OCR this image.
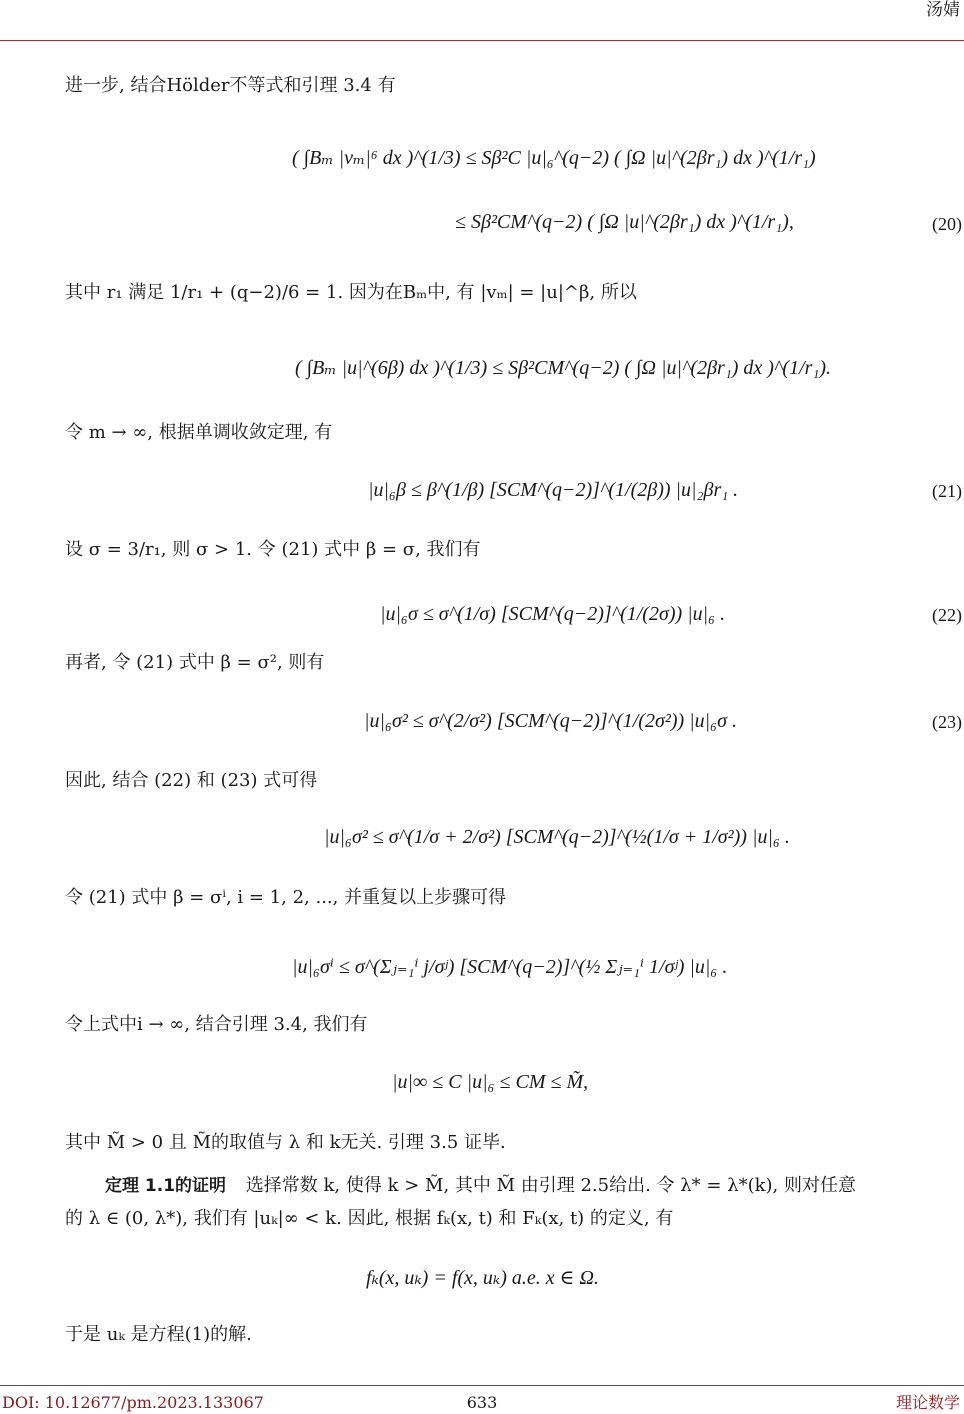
汤婧
进一步, 结合Hölder不等式和引理 3.4 有
( ∫Bₘ |vₘ|⁶ dx )^(1/3) ≤ Sβ²C |u|₆^(q−2) ( ∫Ω |u|^(2βr₁) dx )^(1/r₁)
≤ Sβ²CM^(q−2) ( ∫Ω |u|^(2βr₁) dx )^(1/r₁),	(20)
其中 r₁ 满足 1/r₁ + (q−2)/6 = 1. 因为在Bₘ中, 有 |vₘ| = |u|^β, 所以
( ∫Bₘ |u|^(6β) dx )^(1/3) ≤ Sβ²CM^(q−2) ( ∫Ω |u|^(2βr₁) dx )^(1/r₁).
令 m → ∞, 根据单调收敛定理, 有
|u|₆β ≤ β^(1/β) [SCM^(q−2)]^(1/(2β)) |u|₂βr₁ .	(21)
设 σ = 3/r₁, 则 σ > 1. 令 (21) 式中 β = σ, 我们有
|u|₆σ ≤ σ^(1/σ) [SCM^(q−2)]^(1/(2σ)) |u|₆ .	(22)
再者, 令 (21) 式中 β = σ², 则有
|u|₆σ² ≤ σ^(2/σ²) [SCM^(q−2)]^(1/(2σ²)) |u|₆σ .	(23)
因此, 结合 (22) 和 (23) 式可得
|u|₆σ² ≤ σ^(1/σ + 2/σ²) [SCM^(q−2)]^(½(1/σ + 1/σ²)) |u|₆ .
令 (21) 式中 β = σⁱ, i = 1, 2, ..., 并重复以上步骤可得
|u|₆σⁱ ≤ σ^(Σⱼ₌₁ⁱ j/σʲ) [SCM^(q−2)]^(½ Σⱼ₌₁ⁱ 1/σʲ) |u|₆ .
令上式中i → ∞, 结合引理 3.4, 我们有
|u|∞ ≤ C |u|₆ ≤ CM ≤ M̃,
其中 M̃ > 0 且 M̃的取值与 λ 和 k无关. 引理 3.5 证毕.
定理 1.1的证明 选择常数 k, 使得 k > M̃, 其中 M̃ 由引理 2.5给出. 令 λ* = λ*(k), 则对任意
的 λ ∈ (0, λ*), 我们有 |uₖ|∞ < k. 因此, 根据 fₖ(x, t) 和 Fₖ(x, t) 的定义, 有
fₖ(x, uₖ) = f(x, uₖ) a.e. x ∈ Ω.
于是 uₖ 是方程(1)的解.
DOI: 10.12677/pm.2023.133067	633	理论数学
